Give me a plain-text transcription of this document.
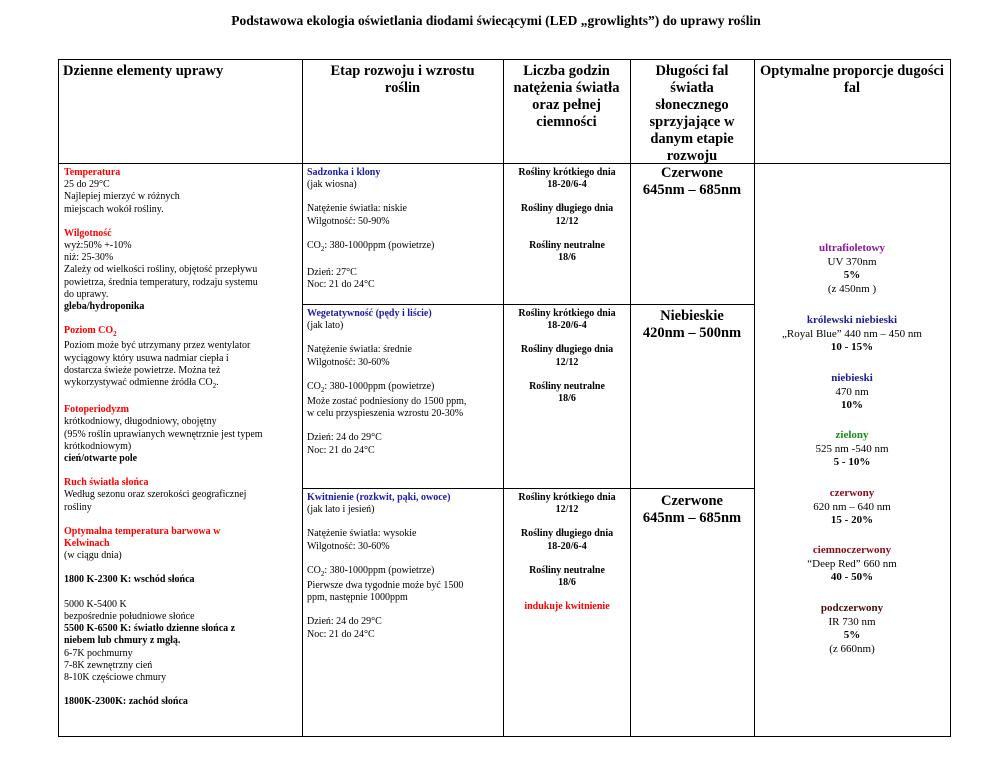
Podstawowa ekologia oświetlania diodami świecącymi (LED „growlights”) do uprawy roślin
Dzienne elementy uprawy	Etap rozwoju i wzrostu roślin
Liczba godzin natężenia światła oraz pełnej ciemności
Długości fal światła słonecznego sprzyjające w danym etapie rozwoju
Optymalne proporcje dugości fal
Temperatura
25 do 29°C
Najlepiej mierzyć w różnych
miejscach wokół rośliny.
Wilgotność
wyż:50% +-10%
niż: 25-30%
Zależy od wielkości rośliny, objętość przepływu
powietrza, średnia temperatury, rodzaju systemu
do uprawy.
gleba/hydroponika
Poziom $CO_2$
Poziom może być utrzymany przez wentylator
wyciągowy który usuwa nadmiar ciepła i
dostarcza świeże powietrze. Można też
wykorzystywać odmienne źródła $CO_2$.
Fotoperiodyzm
krótkodniowy, długodniowy, obojętny
(95% roślin uprawianych wewnętrznie jest typem
krótkodniowym)
cień/otwarte pole
Ruch światła słońca
Według sezonu oraz szerokości geograficznej
rośliny
Optymalna temperatura barwowa w
Kelwinach
(w ciągu dnia)
1800 K-2300 K: wschód słońca
5000 K-5400 K
bezpośrednie południowe słońce
5500 K-6500 K: światło dzienne słońca z
niebem lub chmury z mgłą.
6-7K pochmurny
7-8K zewnętrzny cień
8-10K częściowe chmury
1800K-2300K: zachód słońca
Sadzonka i klony
(jak wiosna)
Natężenie światła: niskie
Wilgotność: 50-90%
$CO_2$: 380-1000ppm (powietrze)
Dzień: 27°C
Noc: 21 do 24°C
Wegetatywność (pędy i liście)
(jak lato)
Natężenie światła: średnie
Wilgotność: 30-60%
$CO_2$: 380-1000ppm (powietrze)
Może zostać podniesiony do 1500 ppm,
w celu przyspieszenia wzrostu 20-30%
Dzień: 24 do 29°C
Noc: 21 do 24°C
Kwitnienie (rozkwit, pąki, owoce)
(jak lato i jesień)
Natężenie światła: wysokie
Wilgotność: 30-60%
$CO_2$: 380-1000ppm (powietrze)
Pierwsze dwa tygodnie może być 1500
ppm, następnie 1000ppm
Dzień: 24 do 29°C
Noc: 21 do 24°C
Rośliny krótkiego dnia
18-20/6-4
Rośliny długiego dnia
12/12
Rośliny neutralne
18/6
Rośliny krótkiego dnia
18-20/6-4
Rośliny długiego dnia
12/12
Rośliny neutralne
18/6
Rośliny krótkiego dnia
12/12
Rośliny długiego dnia
18-20/6-4
Rośliny neutralne
18/6
indukuje kwitnienie
Czerwone
645nm – 685nm
Niebieskie
420nm – 500nm
Czerwone
645nm – 685nm
ultrafioletowy
UV 370nm
5%
(z 450nm )
królewski niebieski
„Royal Blue” 440 nm – 450 nm
10 - 15%
niebieski
470 nm
10%
zielony
525 nm -540 nm
5 - 10%
czerwony
620 nm – 640 nm
15 - 20%
ciemnoczerwony
“Deep Red” 660 nm
40 - 50%
podczerwony
IR 730 nm
5%
(z 660nm)
